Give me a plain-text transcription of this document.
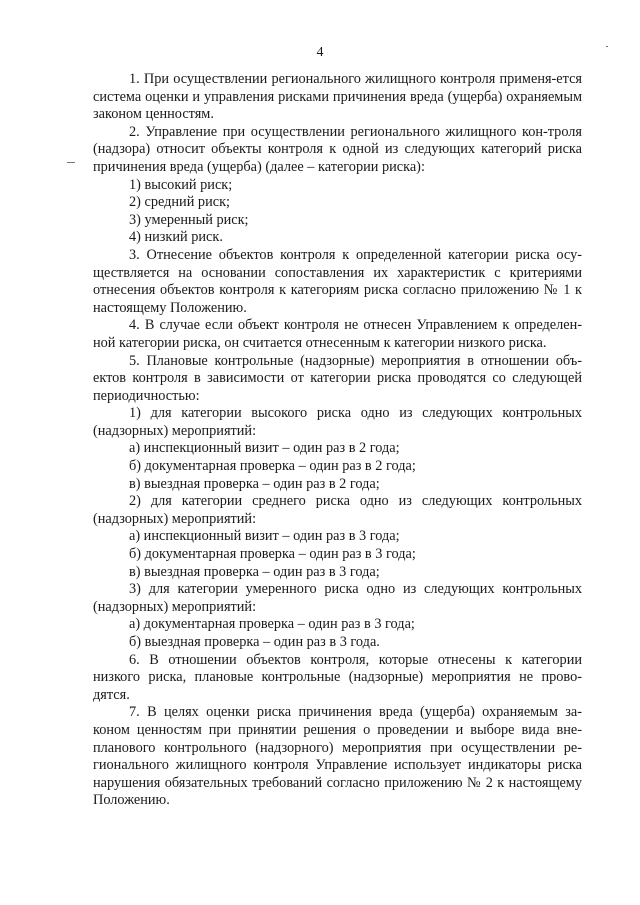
4

1. При осуществлении регионального жилищного контроля применя-ется система оценки и управления рисками причинения вреда (ущерба) охраняемым законом ценностям.

2. Управление при осуществлении регионального жилищного кон-троля (надзора) относит объекты контроля к одной из следующих категорий риска причинения вреда (ущерба) (далее – категории риска):

1) высокий риск;

2) средний риск;

3) умеренный риск;

4) низкий риск.

3. Отнесение объектов контроля к определенной категории риска осу-ществляется на основании сопоставления их характеристик с критериями отнесения объектов контроля к категориям риска согласно приложению № 1 к настоящему Положению.

4. В случае если объект контроля не отнесен Управлением к определен-ной категории риска, он считается отнесенным к категории низкого риска.

5. Плановые контрольные (надзорные) мероприятия в отношении объ-ектов контроля в зависимости от категории риска проводятся со следующей периодичностью:

1) для категории высокого риска одно из следующих контрольных (надзорных) мероприятий:

а) инспекционный визит – один раз в 2 года;

б) документарная проверка – один раз в 2 года;

в) выездная проверка – один раз в 2 года;

2) для категории среднего риска одно из следующих контрольных (надзорных) мероприятий:

а) инспекционный визит – один раз в 3 года;

б) документарная проверка – один раз в 3 года;

в) выездная проверка – один раз в 3 года;

3) для категории умеренного риска одно из следующих контрольных (надзорных) мероприятий:

а) документарная проверка – один раз в 3 года;

б) выездная проверка – один раз в 3 года.

6. В отношении объектов контроля, которые отнесены к категории низкого риска, плановые контрольные (надзорные) мероприятия не прово-дятся.

7. В целях оценки риска причинения вреда (ущерба) охраняемым за-коном ценностям при принятии решения о проведении и выборе вида вне-планового контрольного (надзорного) мероприятия при осуществлении ре-гионального жилищного контроля Управление использует индикаторы риска нарушения обязательных требований согласно приложению № 2 к настоящему Положению.
